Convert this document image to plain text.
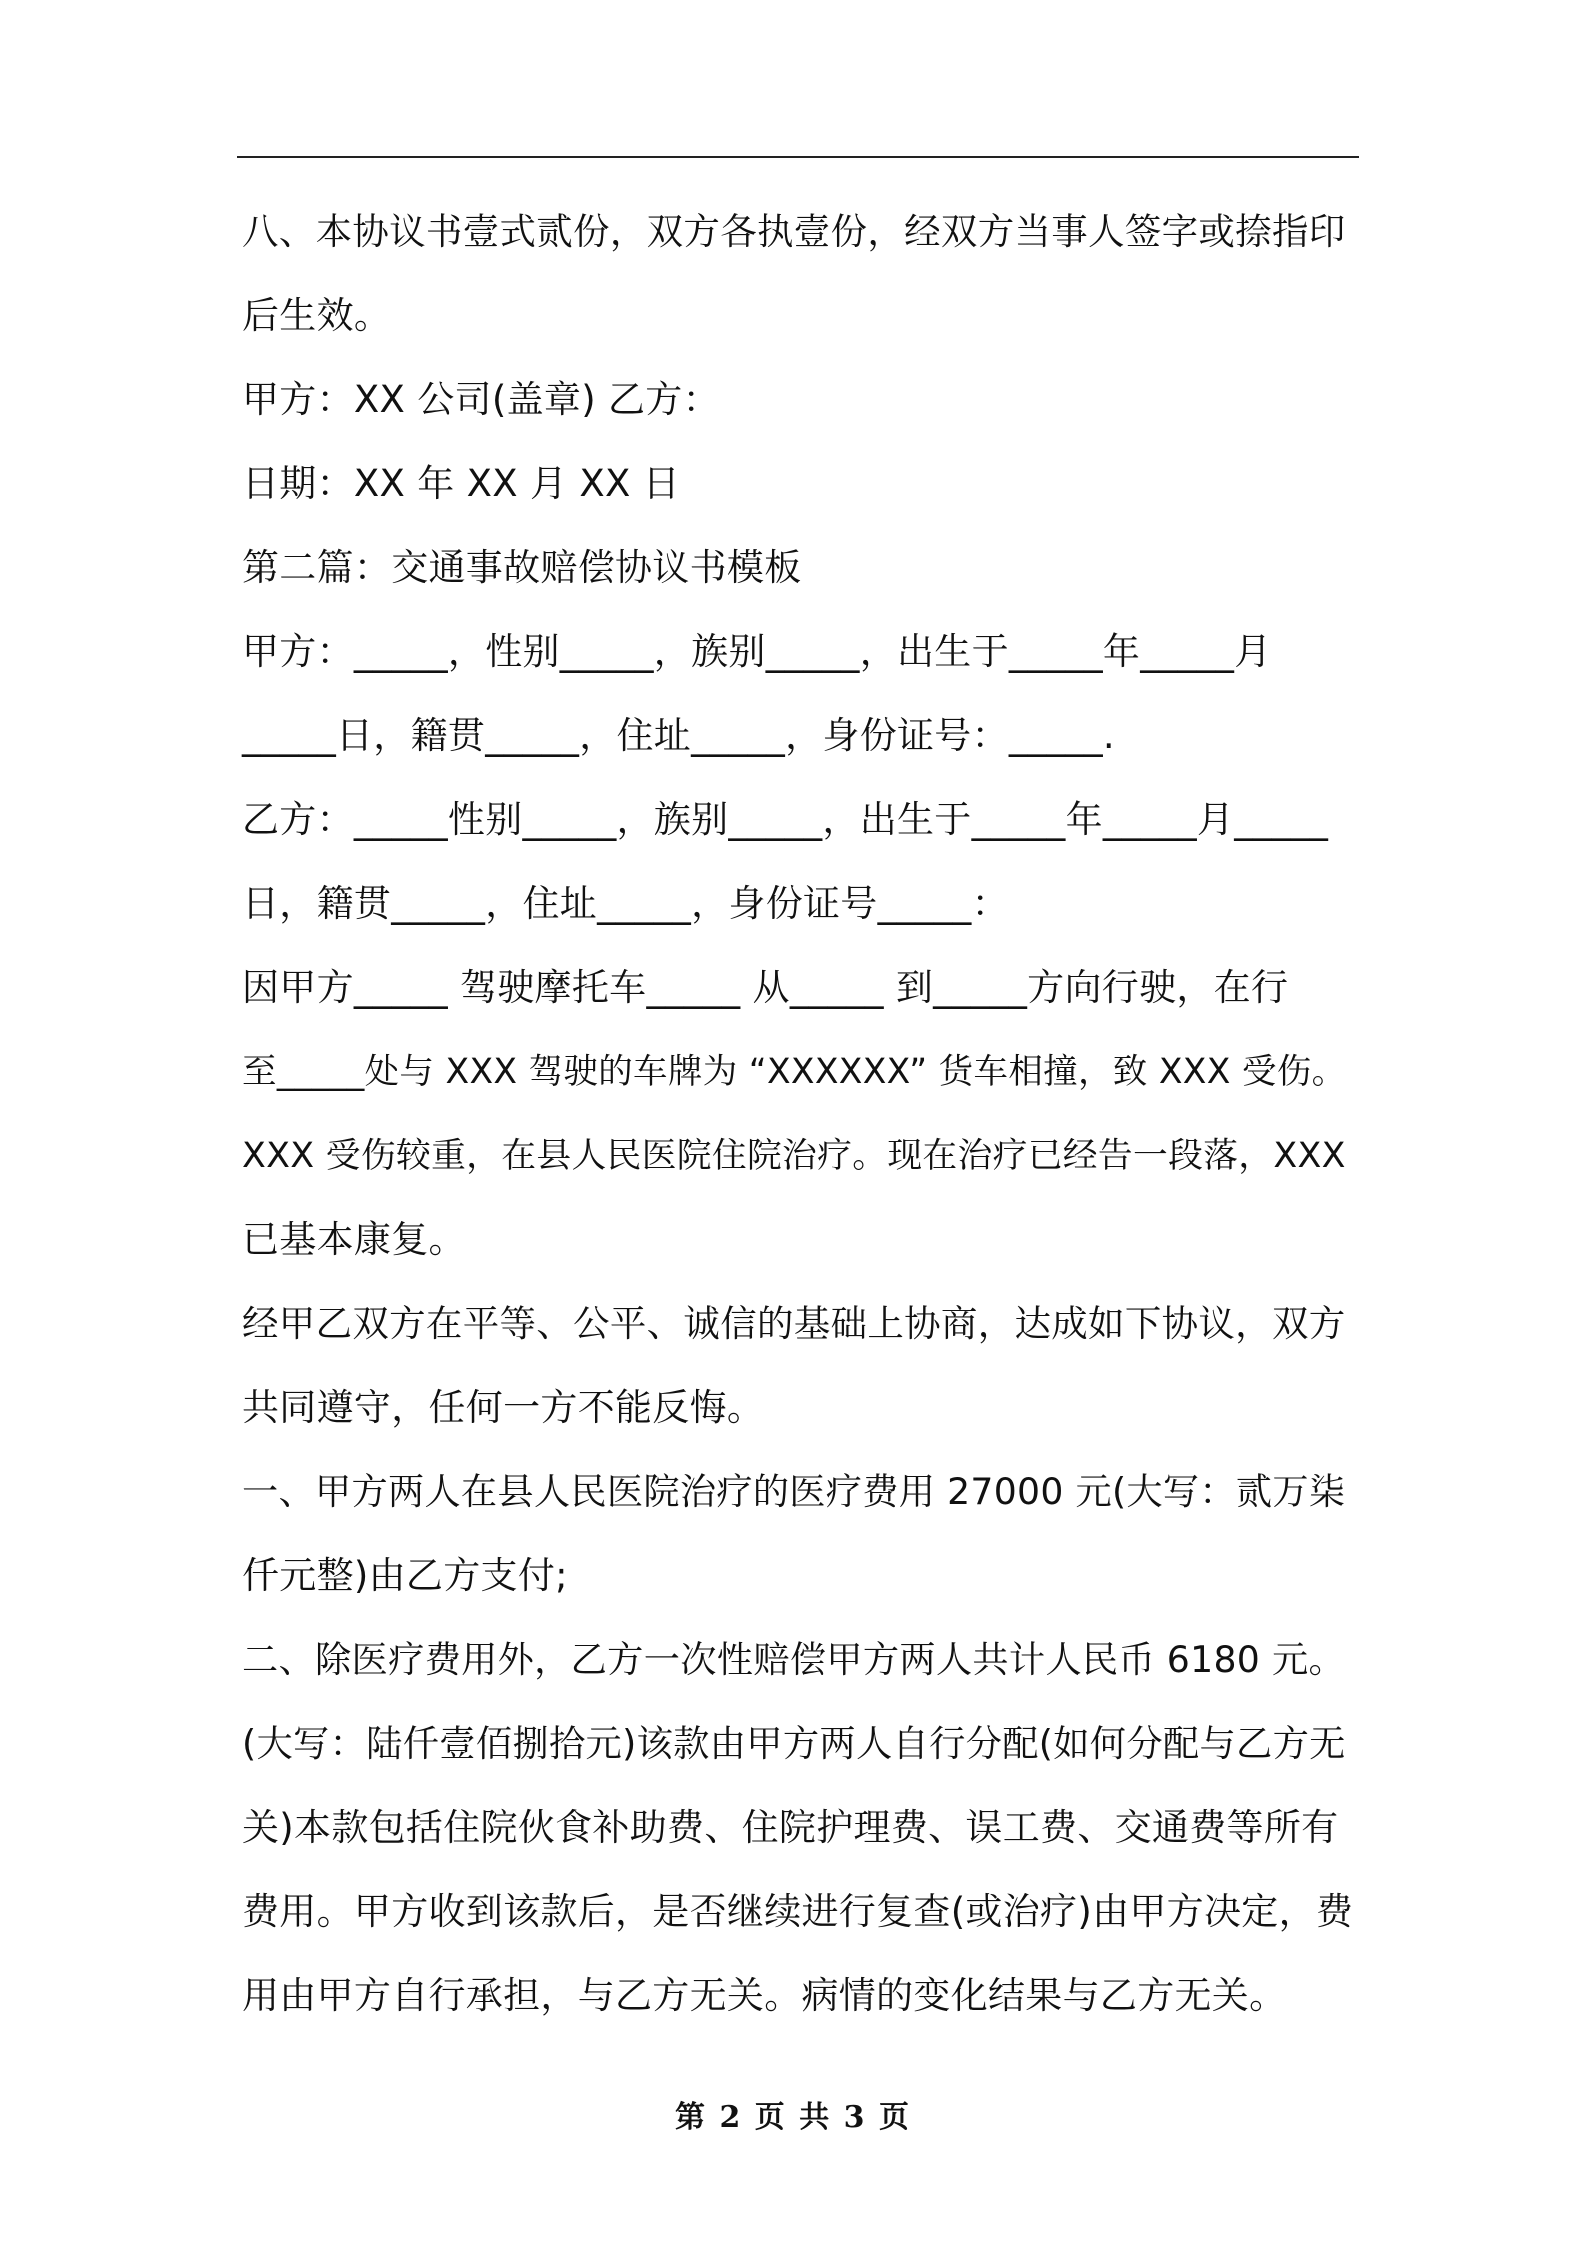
八、本协议书壹式贰份，双方各执壹份，经双方当事人签字或捺指印
后生效。
甲方：XX 公司(盖章) 乙方：
日期：XX 年 XX 月 XX 日
第二篇：交通事故赔偿协议书模板
甲方：_____，性别_____，族别_____，出生于_____年_____月
_____日，籍贯_____，住址_____，身份证号：_____.
乙方：_____性别_____，族别_____，出生于_____年_____月_____
日，籍贯_____，住址_____，身份证号_____：
因甲方_____ 驾驶摩托车_____ 从_____ 到_____方向行驶，在行
至_____处与 XXX 驾驶的车牌为 “XXXXXX” 货车相撞，致 XXX 受伤。
XXX 受伤较重，在县人民医院住院治疗。现在治疗已经告一段落，XXX
已基本康复。
经甲乙双方在平等、公平、诚信的基础上协商，达成如下协议，双方
共同遵守，任何一方不能反悔。
一、甲方两人在县人民医院治疗的医疗费用 27000 元(大写：贰万柒
仟元整)由乙方支付;
二、除医疗费用外，乙方一次性赔偿甲方两人共计人民币 6180 元。
(大写：陆仟壹佰捌拾元)该款由甲方两人自行分配(如何分配与乙方无
关)本款包括住院伙食补助费、住院护理费、误工费、交通费等所有
费用。甲方收到该款后，是否继续进行复查(或治疗)由甲方决定，费
用由甲方自行承担，与乙方无关。病情的变化结果与乙方无关。
第 2 页 共 3 页
